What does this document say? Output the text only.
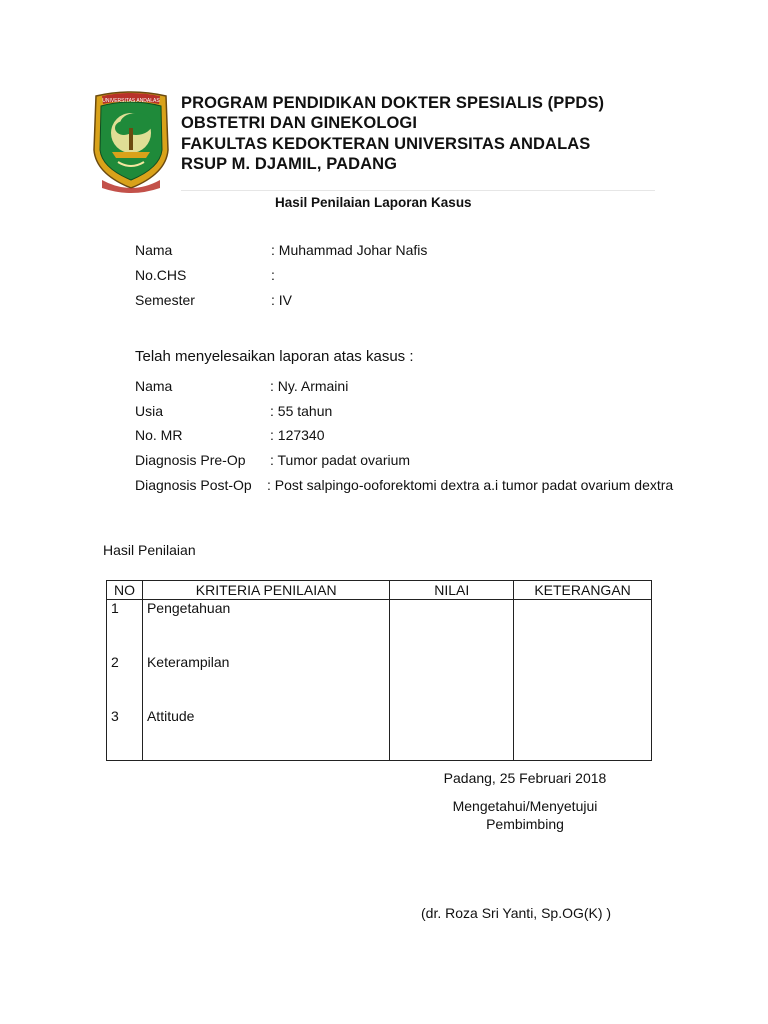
UNIVERSITAS ANDALAS PROGRAM PENDIDIKAN DOKTER SPESIALIS (PPDS)
OBSTETRI DAN GINEKOLOGI
FAKULTAS KEDOKTERAN UNIVERSITAS ANDALAS
RSUP M. DJAMIL, PADANG
Hasil Penilaian Laporan Kasus
Nama	: Muhammad Johar Nafis
No.CHS	:
Semester	: IV
Telah menyelesaikan laporan atas kasus :
Nama	: Ny. Armaini
Usia	: 55 tahun
No. MR	: 127340
Diagnosis Pre-Op : Tumor padat ovarium
Diagnosis Post-Op : Post salpingo-ooforektomi dextra a.i tumor padat ovarium dextra
Hasil Penilaian
NO	KRITERIA PENILAIAN	NILAI	KETERANGAN
1	Pengetahuan		
2	Keterampilan		
3	Attitude		
Padang, 25 Februari 2018
Mengetahui/Menyetujui
Pembimbing
(dr. Roza Sri Yanti, Sp.OG(K) )
